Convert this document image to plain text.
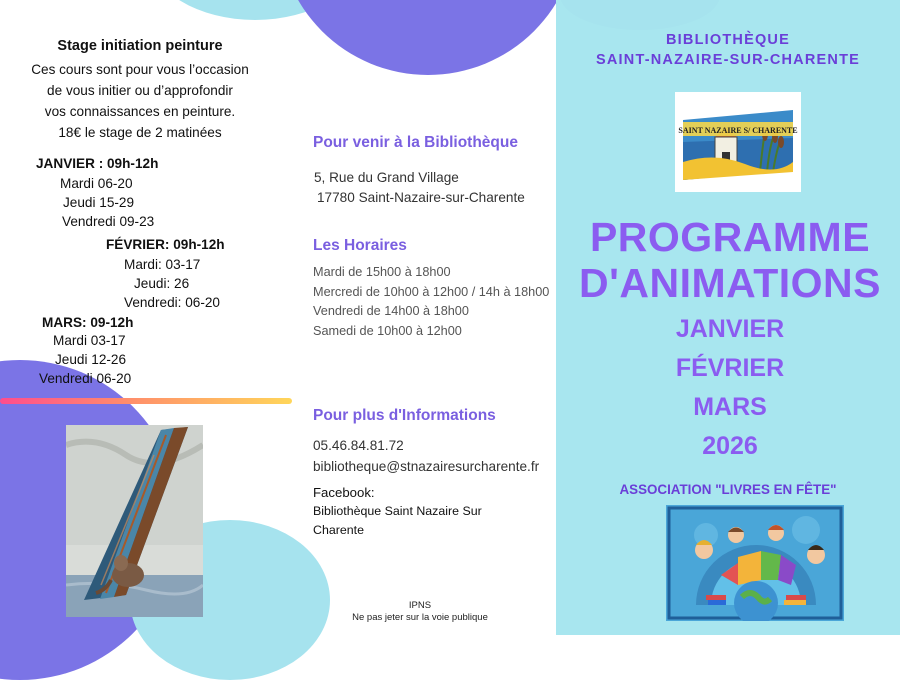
BIBLIOTHÈQUE
SAINT-NAZAIRE-SUR-CHARENTE
SAINT NAZAIRE S/ CHARENTE
PROGRAMME
D'ANIMATIONS
JANVIER
FÉVRIER
MARS
2026
ASSOCIATION "LIVRES EN FÊTE"
Stage initiation peinture
Ces cours sont pour vous l’occasion
de vous initier ou d’approfondir
vos connaissances en peinture.
18€ le stage de 2 matinées
JANVIER : 09h-12h
Mardi 06-20
Jeudi 15-29
Vendredi 09-23
FÉVRIER: 09h-12h
Mardi: 03-17
Jeudi: 26
Vendredi: 06-20
MARS: 09-12h
Mardi 03-17
Jeudi 12-26
Vendredi 06-20
Pour venir à la Bibliothèque
5, Rue du Grand Village
17780 Saint-Nazaire-sur-Charente
Les Horaires
Mardi de 15h00 à 18h00
Mercredi de 10h00 à 12h00 / 14h à 18h00
Vendredi de 14h00 à 18h00
Samedi de 10h00 à 12h00
Pour plus d'Informations
05.46.84.81.72
bibliotheque@stnazairesurcharente.fr
Facebook:
Bibliothèque Saint Nazaire Sur
Charente
IPNS
Ne pas jeter sur la voie publique
